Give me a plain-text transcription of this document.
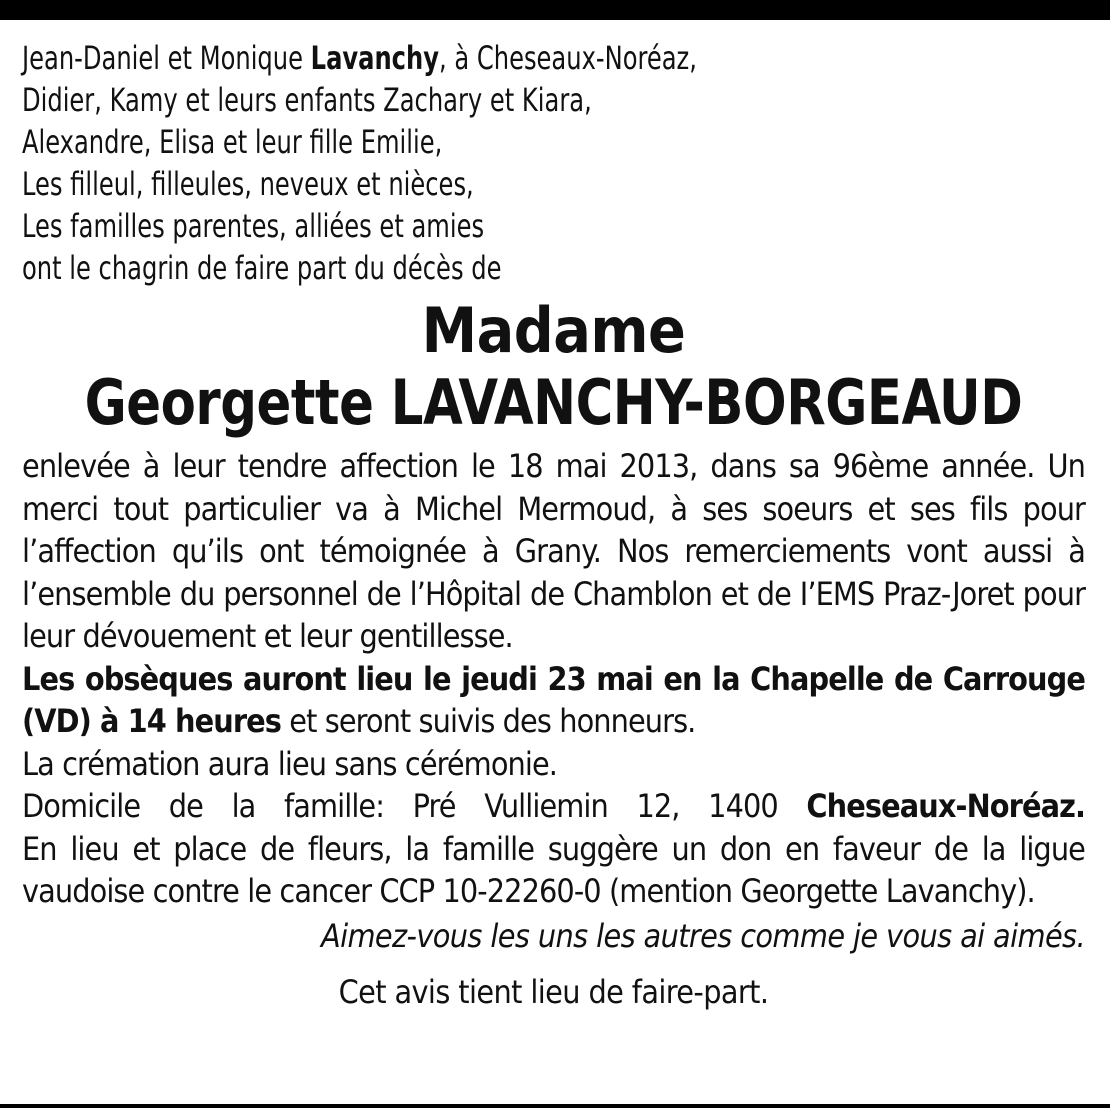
Jean-Daniel et Monique Lavanchy, à Cheseaux-Noréaz,
Didier, Kamy et leurs enfants Zachary et Kiara,
Alexandre, Elisa et leur fille Emilie,
Les filleul, filleules, neveux et nièces,
Les familles parentes, alliées et amies
ont le chagrin de faire part du décès de
Madame
Georgette LAVANCHY-BORGEAUD

enlevée à leur tendre affection le 18 mai 2013, dans sa 96ème année. Un merci tout particulier va à Michel Mermoud, à ses soeurs et ses fils pour l’affection qu’ils ont témoignée à Grany. Nos remerciements vont aussi à l’ensemble du personnel de l’Hôpital de Chamblon et de I’EMS Praz-Joret pour leur dévouement et leur gentillesse.

Les obsèques auront lieu le jeudi 23 mai en la Chapelle de Carrouge (VD) à 14 heures et seront suivis des honneurs.

La crémation aura lieu sans cérémonie.

Domicile de la famille: Pré Vulliemin 12, 1400 Cheseaux-Noréaz.

En lieu et place de fleurs, la famille suggère un don en faveur de la ligue vaudoise contre le cancer CCP 10-22260-0 (mention Georgette Lavanchy).

Aimez-vous les uns les autres comme je vous ai aimés.
Cet avis tient lieu de faire-part.
